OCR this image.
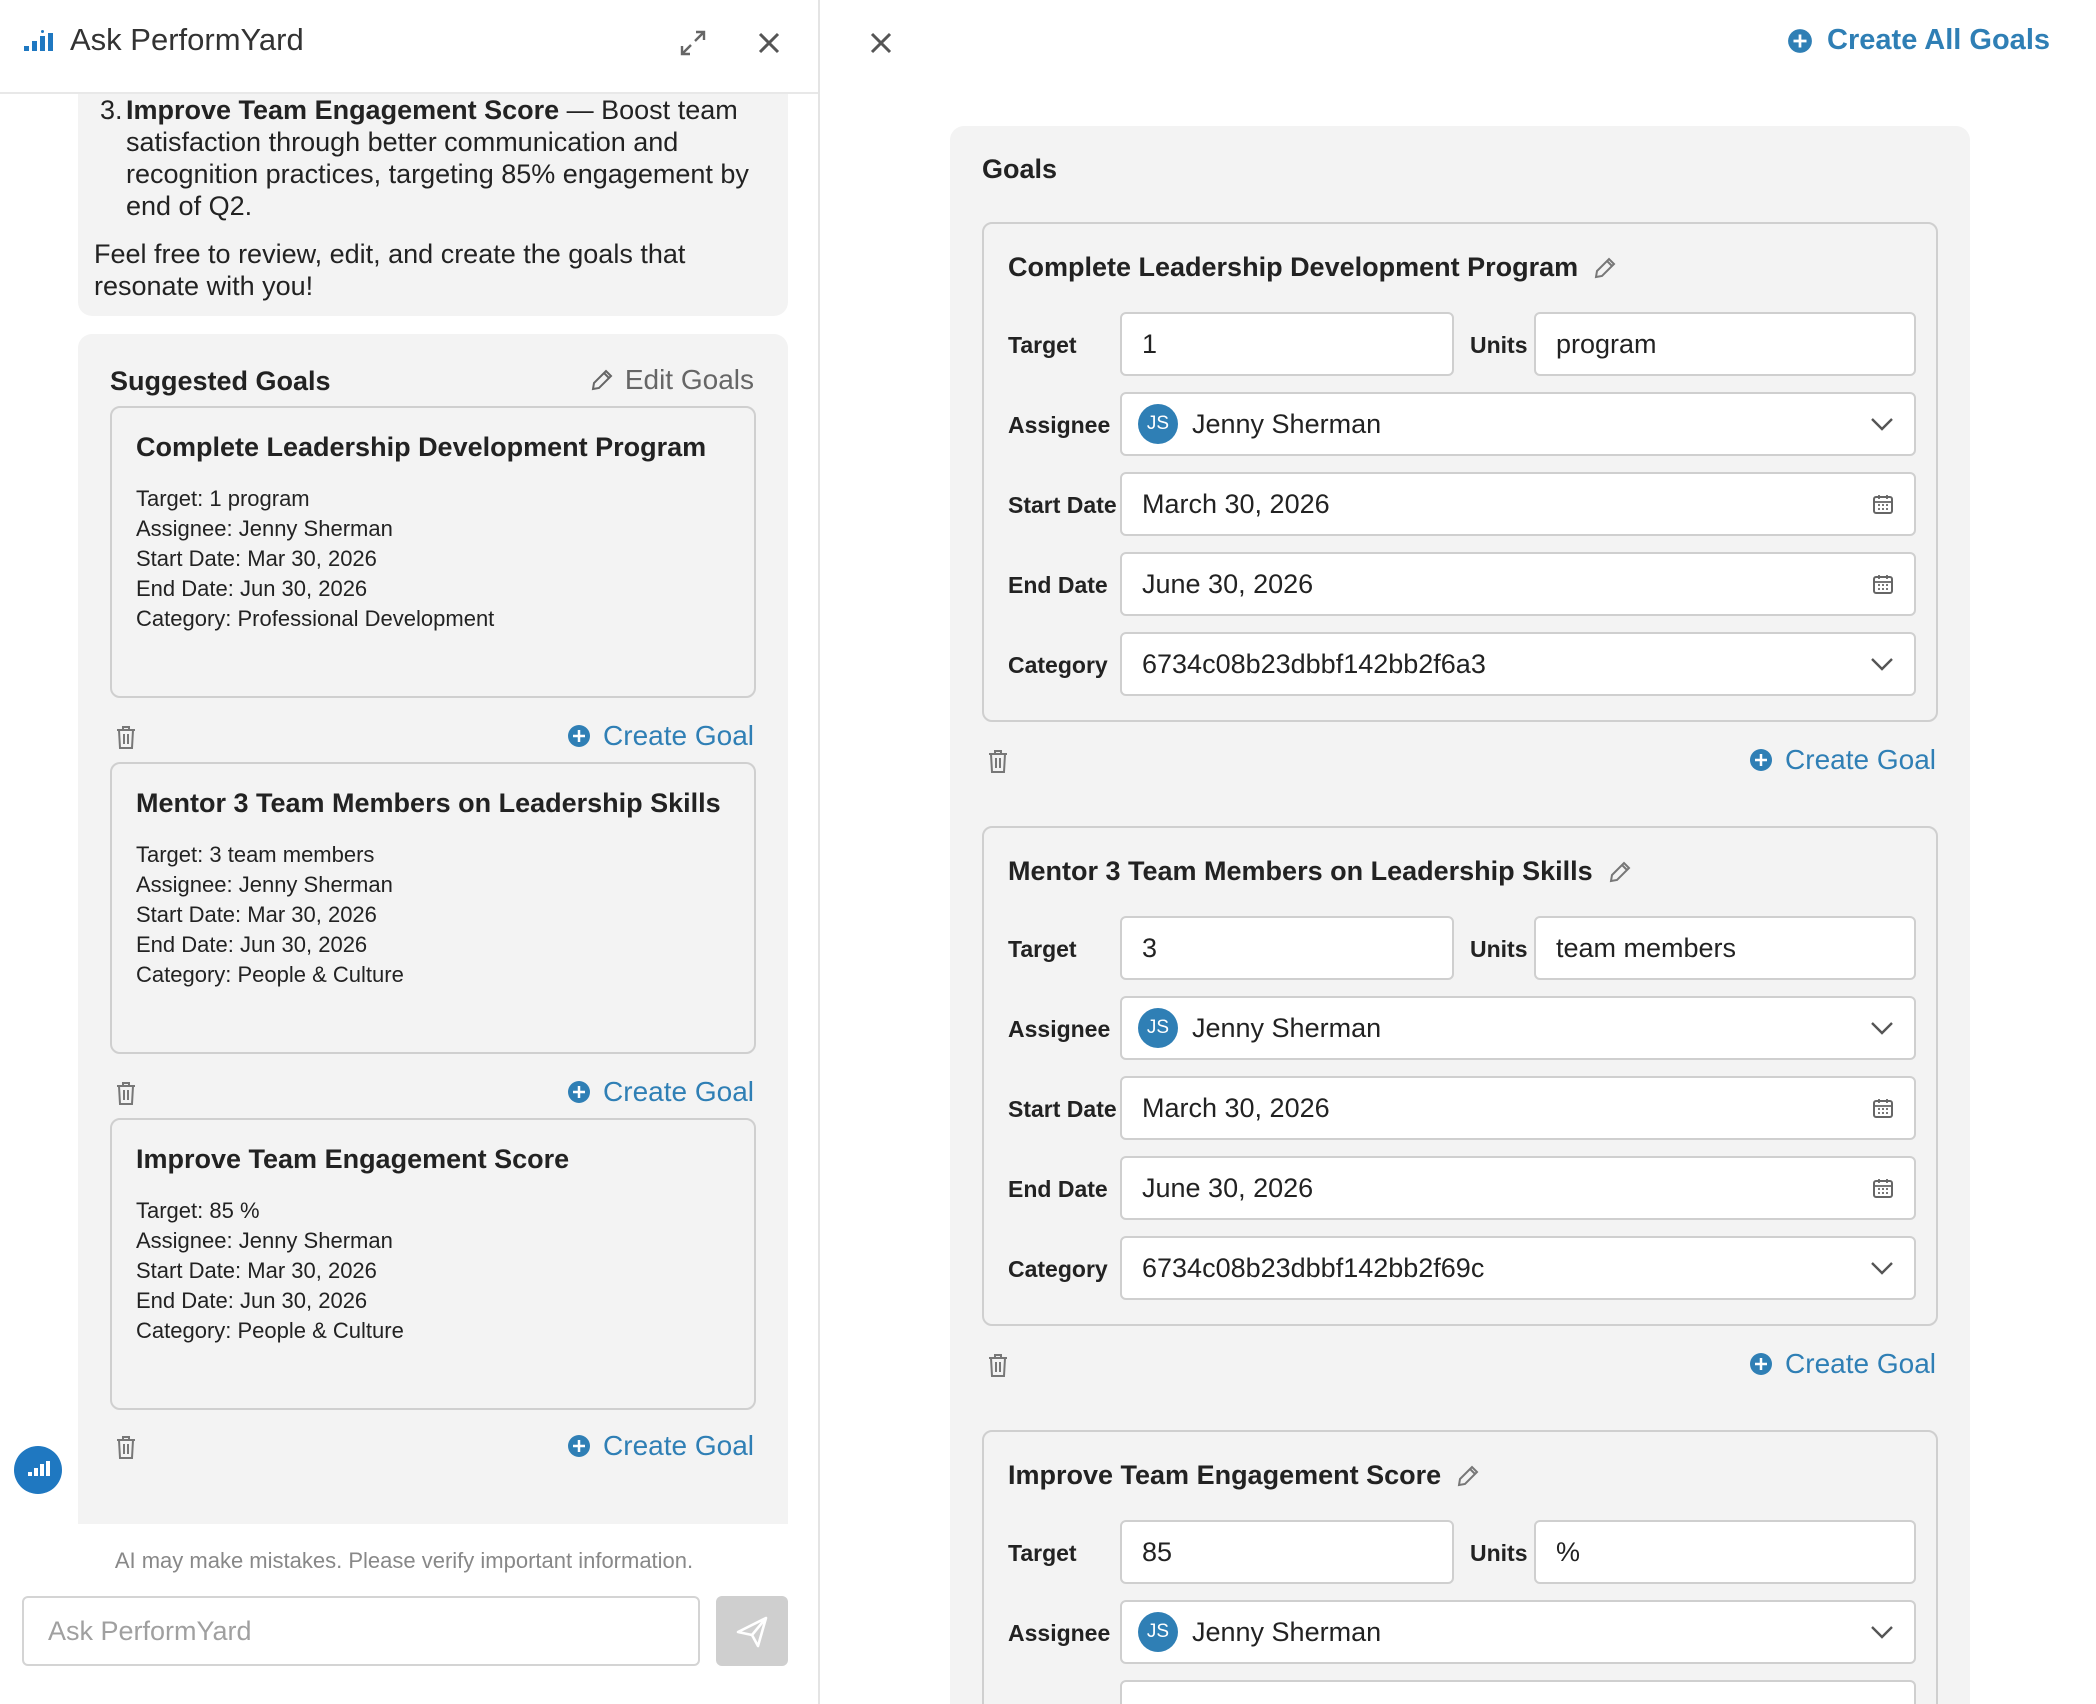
Ask PerformYard
3. Improve Team Engagement Score — Boost team satisfaction through better communication and recognition practices, targeting 85% engagement by end of Q2.
Feel free to review, edit, and create the goals that resonate with you!
Suggested Goals	Edit Goals
Complete Leadership Development Program
Target: 1 program
Assignee: Jenny Sherman
Start Date: Mar 30, 2026
End Date: Jun 30, 2026
Category: Professional Development
Create Goal
Mentor 3 Team Members on Leadership Skills
Target: 3 team members
Assignee: Jenny Sherman
Start Date: Mar 30, 2026
End Date: Jun 30, 2026
Category: People & Culture
Create Goal
Improve Team Engagement Score
Target: 85 %
Assignee: Jenny Sherman
Start Date: Mar 30, 2026
End Date: Jun 30, 2026
Category: People & Culture
Create Goal
AI may make mistakes. Please verify important information.
Ask PerformYard
Create All Goals
Goals
Complete Leadership Development Program
Target 1	Units program
Assignee	JS Jenny Sherman
Start Date March 30, 2026
End Date June 30, 2026
Category 6734c08b23dbbf142bb2f6a3
Create Goal
Mentor 3 Team Members on Leadership Skills
Target 3	Units team members
Assignee	JS Jenny Sherman
Start Date March 30, 2026
End Date June 30, 2026
Category 6734c08b23dbbf142bb2f69c
Create Goal
Improve Team Engagement Score
Target 85	Units %
Assignee	JS Jenny Sherman
